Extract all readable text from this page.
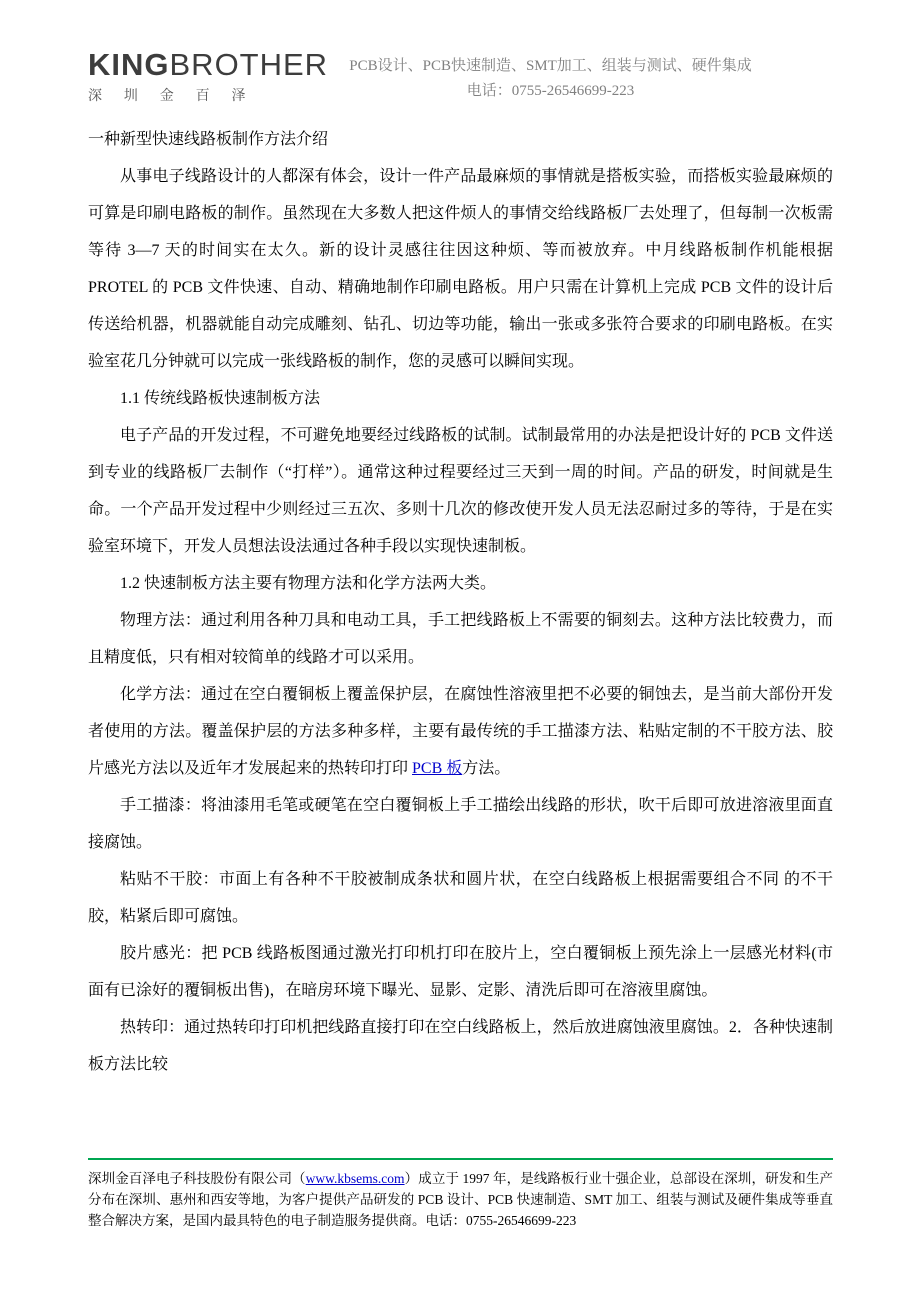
KINGBROTHER
深 圳 金 百 泽
PCB设计、PCB快速制造、SMT加工、组装与测试、硬件集成
电话：0755-26546699-223

一种新型快速线路板制作方法介绍

从事电子线路设计的人都深有体会，设计一件产品最麻烦的事情就是搭板实验，而搭板实验最麻烦的可算是印刷电路板的制作。虽然现在大多数人把这件烦人的事情交给线路板厂去处理了，但每制一次板需等待 3—7 天的时间实在太久。新的设计灵感往往因这种烦、等而被放弃。中月线路板制作机能根据 PROTEL 的 PCB 文件快速、自动、精确地制作印刷电路板。用户只需在计算机上完成 PCB 文件的设计后传送给机器，机器就能自动完成雕刻、钻孔、切边等功能，输出一张或多张符合要求的印刷电路板。在实验室花几分钟就可以完成一张线路板的制作，您的灵感可以瞬间实现。

1.1 传统线路板快速制板方法

电子产品的开发过程，不可避免地要经过线路板的试制。试制最常用的办法是把设计好的 PCB 文件送到专业的线路板厂去制作（“打样”）。通常这种过程要经过三天到一周的时间。产品的研发，时间就是生命。一个产品开发过程中少则经过三五次、多则十几次的修改使开发人员无法忍耐过多的等待，于是在实验室环境下，开发人员想法设法通过各种手段以实现快速制板。

1.2 快速制板方法主要有物理方法和化学方法两大类。

物理方法：通过利用各种刀具和电动工具，手工把线路板上不需要的铜刻去。这种方法比较费力，而且精度低，只有相对较简单的线路才可以采用。

化学方法：通过在空白覆铜板上覆盖保护层，在腐蚀性溶液里把不必要的铜蚀去，是当前大部份开发者使用的方法。覆盖保护层的方法多种多样，主要有最传统的手工描漆方法、粘贴定制的不干胶方法、胶片感光方法以及近年才发展起来的热转印打印 PCB 板方法。

手工描漆：将油漆用毛笔或硬笔在空白覆铜板上手工描绘出线路的形状，吹干后即可放进溶液里面直接腐蚀。

粘贴不干胶：市面上有各种不干胶被制成条状和圆片状，在空白线路板上根据需要组合不同 的不干胶，粘紧后即可腐蚀。

胶片感光：把 PCB 线路板图通过激光打印机打印在胶片上，空白覆铜板上预先涂上一层感光材料(市面有已涂好的覆铜板出售)，在暗房环境下曝光、显影、定影、清洗后即可在溶液里腐蚀。

热转印：通过热转印打印机把线路直接打印在空白线路板上，然后放进腐蚀液里腐蚀。2．各种快速制板方法比较

深圳金百泽电子科技股份有限公司（www.kbsems.com）成立于 1997 年，是线路板行业十强企业，总部设在深圳，研发和生产分布在深圳、惠州和西安等地，为客户提供产品研发的 PCB 设计、PCB 快速制造、SMT 加工、组装与测试及硬件集成等垂直整合解决方案，是国内最具特色的电子制造服务提供商。电话：0755-26546699-223
